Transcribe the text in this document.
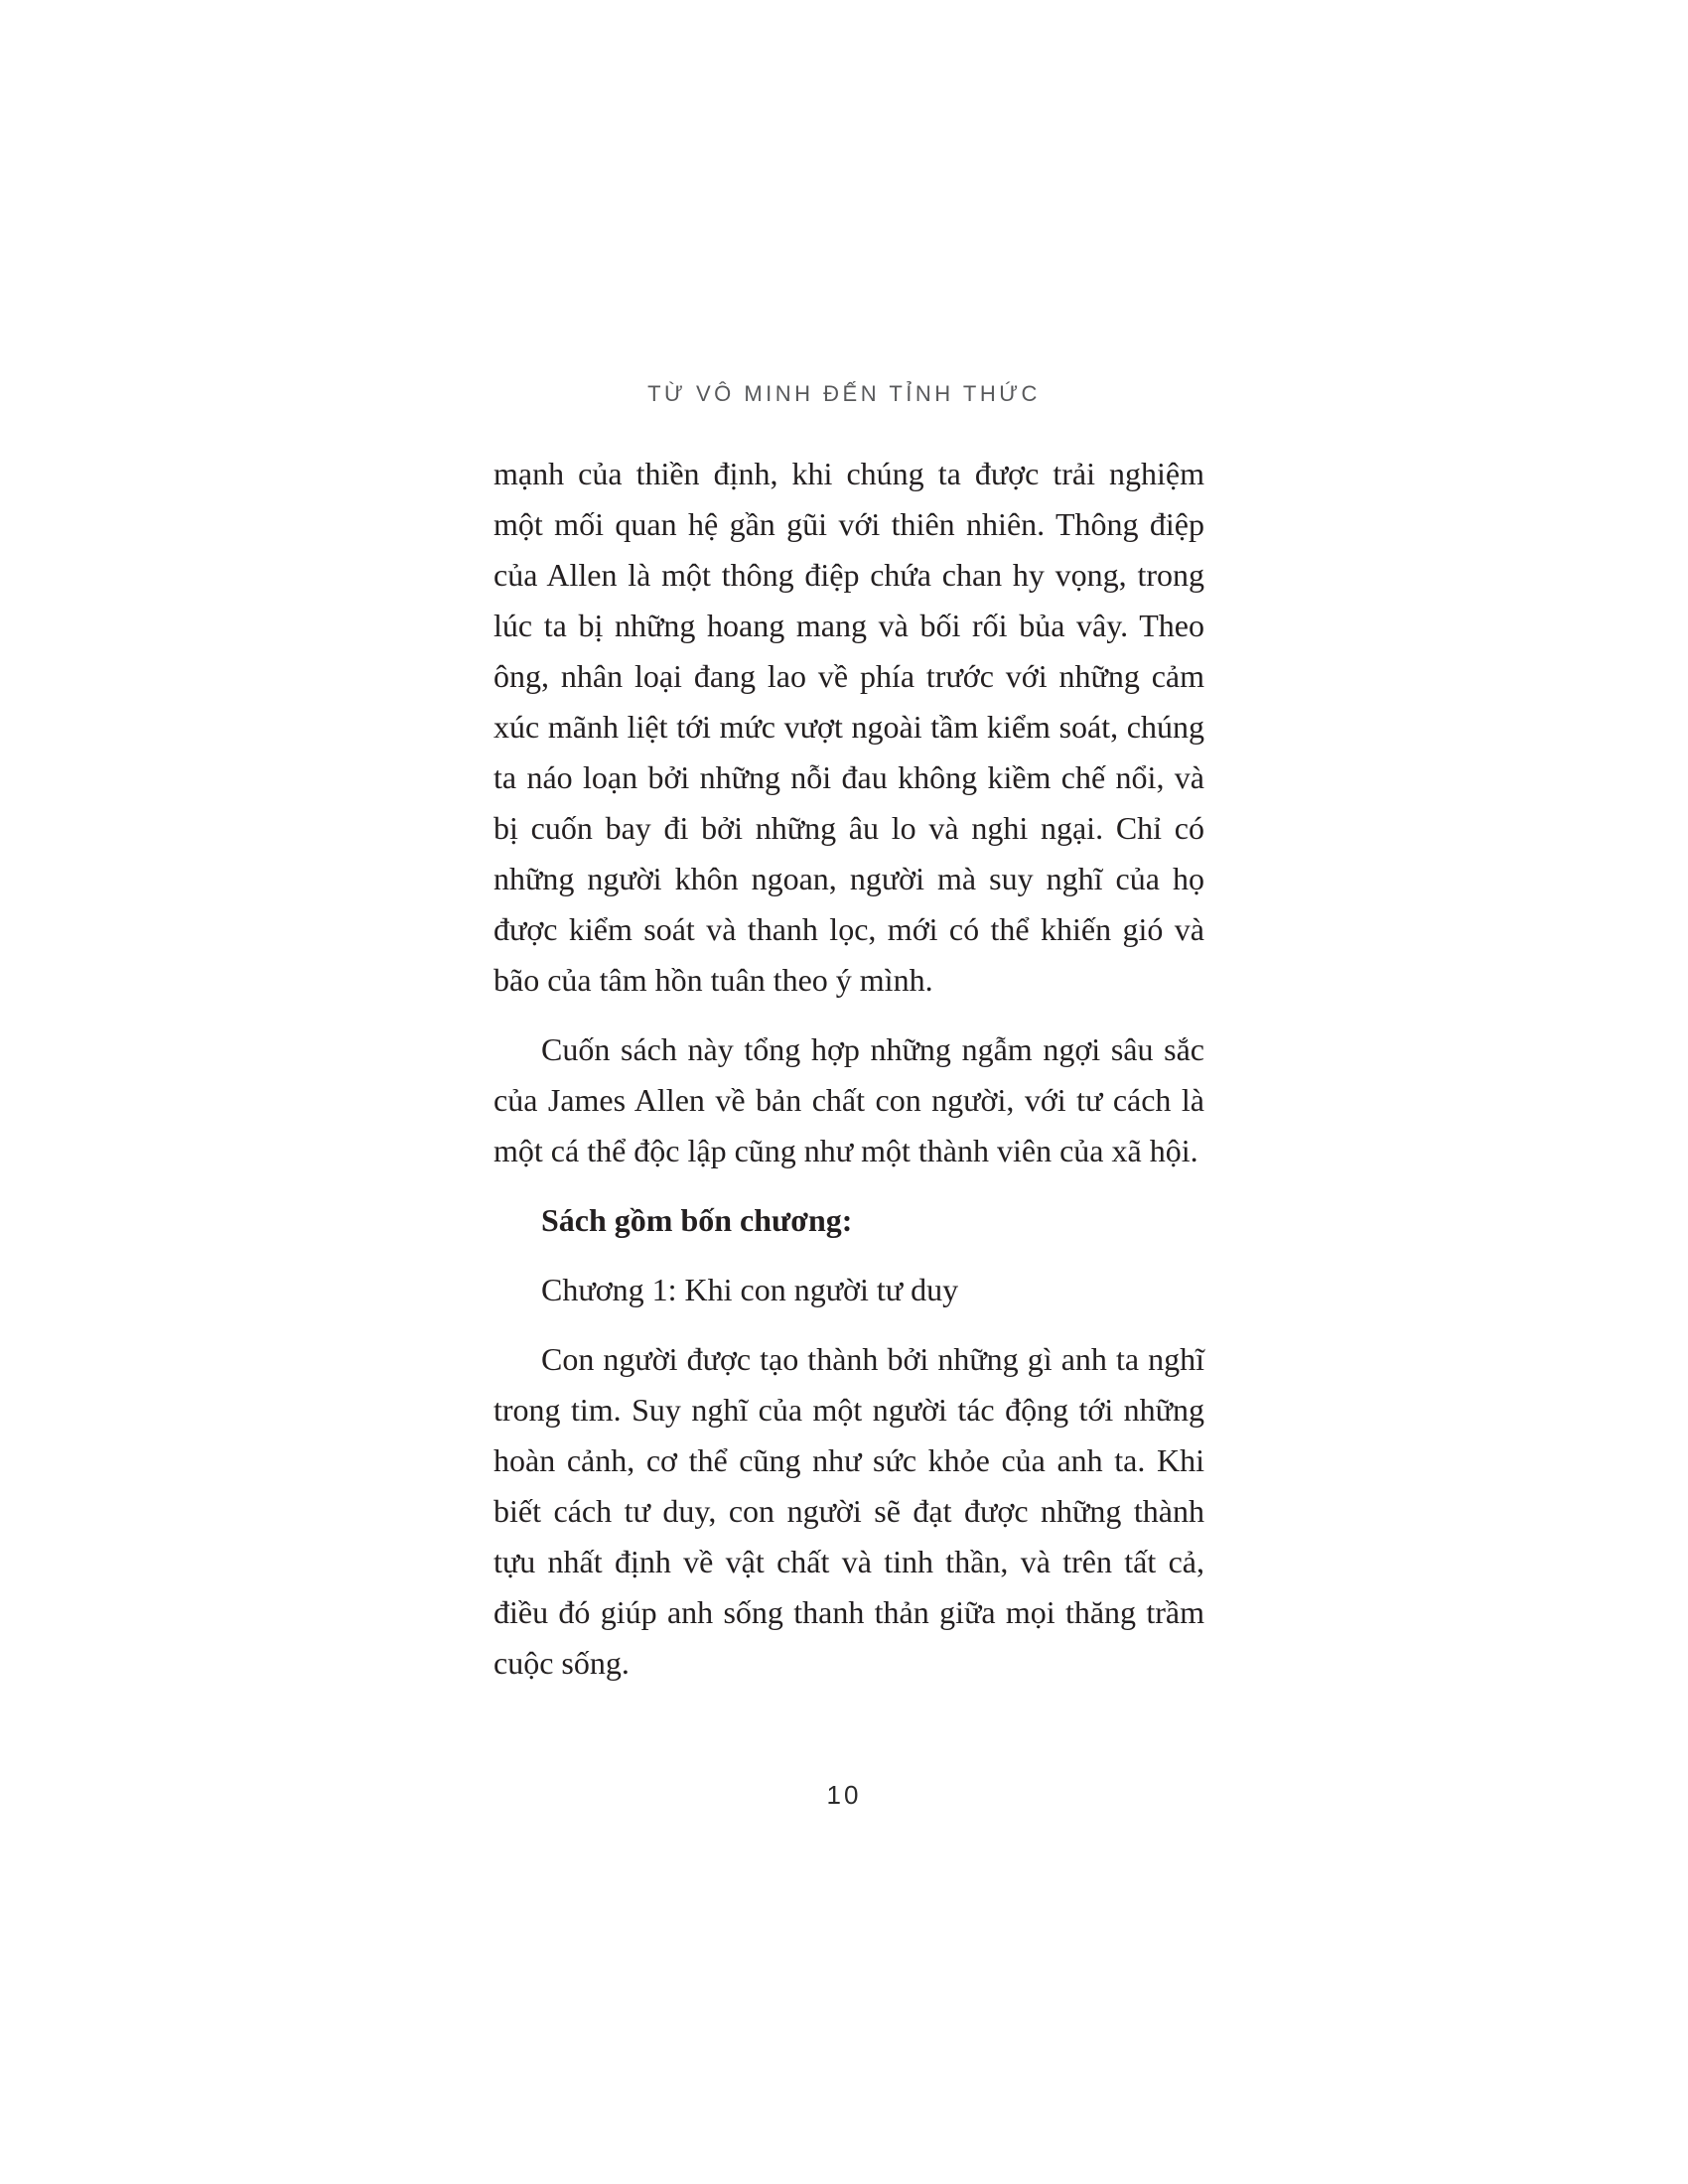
TỪ VÔ MINH ĐẾN TỈNH THỨC

mạnh của thiền định, khi chúng ta được trải nghiệm một mối quan hệ gần gũi với thiên nhiên. Thông điệp của Allen là một thông điệp chứa chan hy vọng, trong lúc ta bị những hoang mang và bối rối bủa vây. Theo ông, nhân loại đang lao về phía trước với những cảm xúc mãnh liệt tới mức vượt ngoài tầm kiểm soát, chúng ta náo loạn bởi những nỗi đau không kiềm chế nổi, và bị cuốn bay đi bởi những âu lo và nghi ngại. Chỉ có những người khôn ngoan, người mà suy nghĩ của họ được kiểm soát và thanh lọc, mới có thể khiến gió và bão của tâm hồn tuân theo ý mình.

Cuốn sách này tổng hợp những ngẫm ngợi sâu sắc của James Allen về bản chất con người, với tư cách là một cá thể độc lập cũng như một thành viên của xã hội.

Sách gồm bốn chương:

Chương 1: Khi con người tư duy

Con người được tạo thành bởi những gì anh ta nghĩ trong tim. Suy nghĩ của một người tác động tới những hoàn cảnh, cơ thể cũng như sức khỏe của anh ta. Khi biết cách tư duy, con người sẽ đạt được những thành tựu nhất định về vật chất và tinh thần, và trên tất cả, điều đó giúp anh sống thanh thản giữa mọi thăng trầm cuộc sống.

10
